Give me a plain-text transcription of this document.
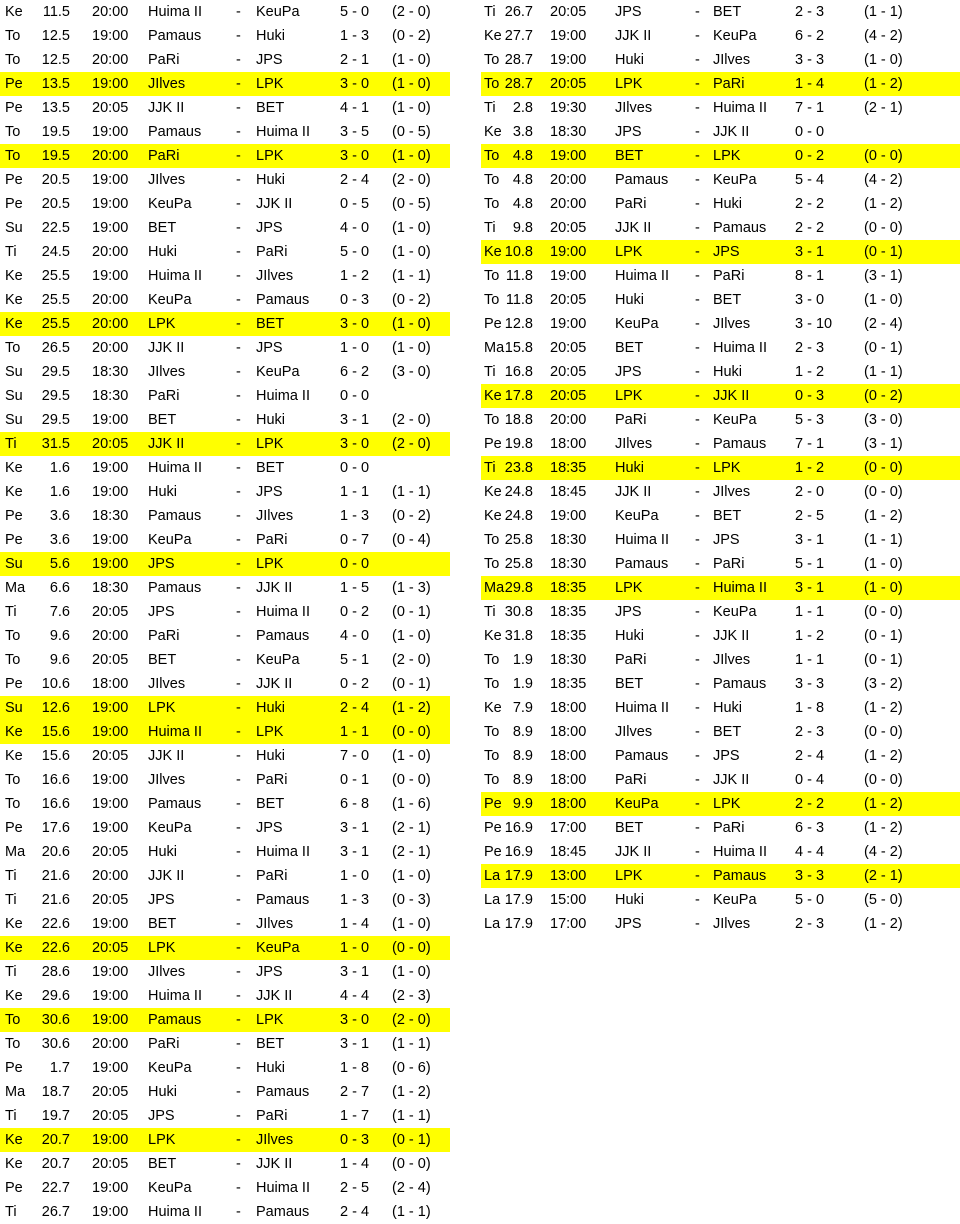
Ke	11.5 20:00 Huima II - KeuPa	5 - 0 (2 - 0)
To	12.5 19:00 Pamaus - Huki	1 - 3 (0 - 2)
To	12.5 20:00 PaRi	- JPS	2 - 1 (1 - 0)
Pe	13.5 19:00 JIlves	- LPK	3 - 0 (1 - 0)
Pe	13.5 20:05 JJK II	- BET	4 - 1 (1 - 0)
To	19.5 19:00 Pamaus - Huima II 3 - 5 (0 - 5)
To	19.5 20:00 PaRi	- LPK	3 - 0 (1 - 0)
Pe	20.5 19:00 JIlves	- Huki	2 - 4 (2 - 0)
Pe	20.5 19:00 KeuPa	- JJK II	0 - 5 (0 - 5)
Su	22.5 19:00 BET	- JPS	4 - 0 (1 - 0)
Ti	24.5 20:00 Huki	- PaRi	5 - 0 (1 - 0)
Ke	25.5 19:00 Huima II - JIlves	1 - 2 (1 - 1)
Ke	25.5 20:00 KeuPa	- Pamaus 0 - 3 (0 - 2)
Ke	25.5 20:00 LPK	- BET	3 - 0 (1 - 0)
To	26.5 20:00 JJK II	- JPS	1 - 0 (1 - 0)
Su	29.5 18:30 JIlves	- KeuPa	6 - 2 (3 - 0)
Su	29.5 18:30 PaRi	- Huima II 0 - 0
Su	29.5 19:00 BET	- Huki	3 - 1 (2 - 0)
Ti	31.5 20:05 JJK II	- LPK	3 - 0 (2 - 0)
Ke	1.6 19:00 Huima II - BET	0 - 0
Ke	1.6 19:00 Huki	- JPS	1 - 1 (1 - 1)
Pe	3.6 18:30 Pamaus - JIlves	1 - 3 (0 - 2)
Pe	3.6 19:00 KeuPa	- PaRi	0 - 7 (0 - 4)
Su	5.6 19:00 JPS	- LPK	0 - 0
Ma	6.6 18:30 Pamaus - JJK II	1 - 5 (1 - 3)
Ti	7.6 20:05 JPS	- Huima II 0 - 2 (0 - 1)
To	9.6 20:00 PaRi	- Pamaus 4 - 0 (1 - 0)
To	9.6 20:05 BET	- KeuPa	5 - 1 (2 - 0)
Pe	10.6 18:00 JIlves	- JJK II	0 - 2 (0 - 1)
Su	12.6 19:00 LPK	- Huki	2 - 4 (1 - 2)
Ke	15.6 19:00 Huima II - LPK	1 - 1 (0 - 0)
Ke	15.6 20:05 JJK II	- Huki	7 - 0 (1 - 0)
To	16.6 19:00 JIlves	- PaRi	0 - 1 (0 - 0)
To	16.6 19:00 Pamaus - BET	6 - 8 (1 - 6)
Pe	17.6 19:00 KeuPa	- JPS	3 - 1 (2 - 1)
Ma	20.6 20:05 Huki	- Huima II 3 - 1 (2 - 1)
Ti	21.6 20:00 JJK II	- PaRi	1 - 0 (1 - 0)
Ti	21.6 20:05 JPS	- Pamaus 1 - 3 (0 - 3)
Ke	22.6 19:00 BET	- JIlves	1 - 4 (1 - 0)
Ke	22.6 20:05 LPK	- KeuPa	1 - 0 (0 - 0)
Ti	28.6 19:00 JIlves	- JPS	3 - 1 (1 - 0)
Ke	29.6 19:00 Huima II - JJK II	4 - 4 (2 - 3)
To	30.6 19:00 Pamaus - LPK	3 - 0 (2 - 0)
To	30.6 20:00 PaRi	- BET	3 - 1 (1 - 1)
Pe	1.7 19:00 KeuPa	- Huki	1 - 8 (0 - 6)
Ma	18.7 20:05 Huki	- Pamaus 2 - 7 (1 - 2)
Ti	19.7 20:05 JPS	- PaRi	1 - 7 (1 - 1)
Ke	20.7 19:00 LPK	- JIlves	0 - 3 (0 - 1)
Ke	20.7 20:05 BET	- JJK II	1 - 4 (0 - 0)
Pe	22.7 19:00 KeuPa	- Huima II 2 - 5 (2 - 4)
Ti	26.7 19:00 Huima II - Pamaus 2 - 4 (1 - 1)
Ti 26.7 20:05 JPS	- BET	2 - 3	(1 - 1)
Ke 27.7 19:00 JJK II	- KeuPa	6 - 2	(4 - 2)
To 28.7 19:00 Huki	- JIlves	3 - 3	(1 - 0)
To 28.7 20:05 LPK	- PaRi	1 - 4	(1 - 2)
Ti	2.8 19:30 JIlves	- Huima II 7 - 1	(2 - 1)
Ke 3.8 18:30 JPS	- JJK II	0 - 0
To 4.8 19:00 BET	- LPK	0 - 2	(0 - 0)
To 4.8 20:00 Pamaus - KeuPa	5 - 4	(4 - 2)
To 4.8 20:00 PaRi	- Huki	2 - 2	(1 - 2)
Ti	9.8 20:05 JJK II	- Pamaus 2 - 2	(0 - 0)
Ke 10.8 19:00 LPK	- JPS	3 - 1	(0 - 1)
To 11.8 19:00 Huima II - PaRi	8 - 1	(3 - 1)
To 11.8 20:05 Huki	- BET	3 - 0	(1 - 0)
Pe 12.8 19:00 KeuPa	- JIlves	3 - 10 (2 - 4)
Ma 15.8 20:05 BET	- Huima II 2 - 3	(0 - 1)
Ti 16.8 20:05 JPS	- Huki	1 - 2	(1 - 1)
Ke 17.8 20:05 LPK	- JJK II	0 - 3	(0 - 2)
To 18.8 20:00 PaRi	- KeuPa	5 - 3	(3 - 0)
Pe 19.8 18:00 JIlves	- Pamaus 7 - 1	(3 - 1)
Ti 23.8 18:35 Huki	- LPK	1 - 2	(0 - 0)
Ke 24.8 18:45 JJK II	- JIlves	2 - 0	(0 - 0)
Ke 24.8 19:00 KeuPa	- BET	2 - 5	(1 - 2)
To 25.8 18:30 Huima II - JPS	3 - 1	(1 - 1)
To 25.8 18:30 Pamaus - PaRi	5 - 1	(1 - 0)
Ma 29.8 18:35 LPK	- Huima II 3 - 1	(1 - 0)
Ti 30.8 18:35 JPS	- KeuPa	1 - 1	(0 - 0)
Ke 31.8 18:35 Huki	- JJK II	1 - 2	(0 - 1)
To 1.9 18:30 PaRi	- JIlves	1 - 1	(0 - 1)
To 1.9 18:35 BET	- Pamaus 3 - 3	(3 - 2)
Ke 7.9 18:00 Huima II - Huki	1 - 8	(1 - 2)
To 8.9 18:00 JIlves	- BET	2 - 3	(0 - 0)
To 8.9 18:00 Pamaus - JPS	2 - 4	(1 - 2)
To 8.9 18:00 PaRi	- JJK II	0 - 4	(0 - 0)
Pe 9.9 18:00 KeuPa	- LPK	2 - 2	(1 - 2)
Pe 16.9 17:00 BET	- PaRi	6 - 3	(1 - 2)
Pe 16.9 18:45 JJK II	- Huima II 4 - 4	(4 - 2)
La 17.9 13:00 LPK	- Pamaus 3 - 3	(2 - 1)
La 17.9 15:00 Huki	- KeuPa	5 - 0	(5 - 0)
La 17.9 17:00 JPS	- JIlves	2 - 3	(1 - 2)
